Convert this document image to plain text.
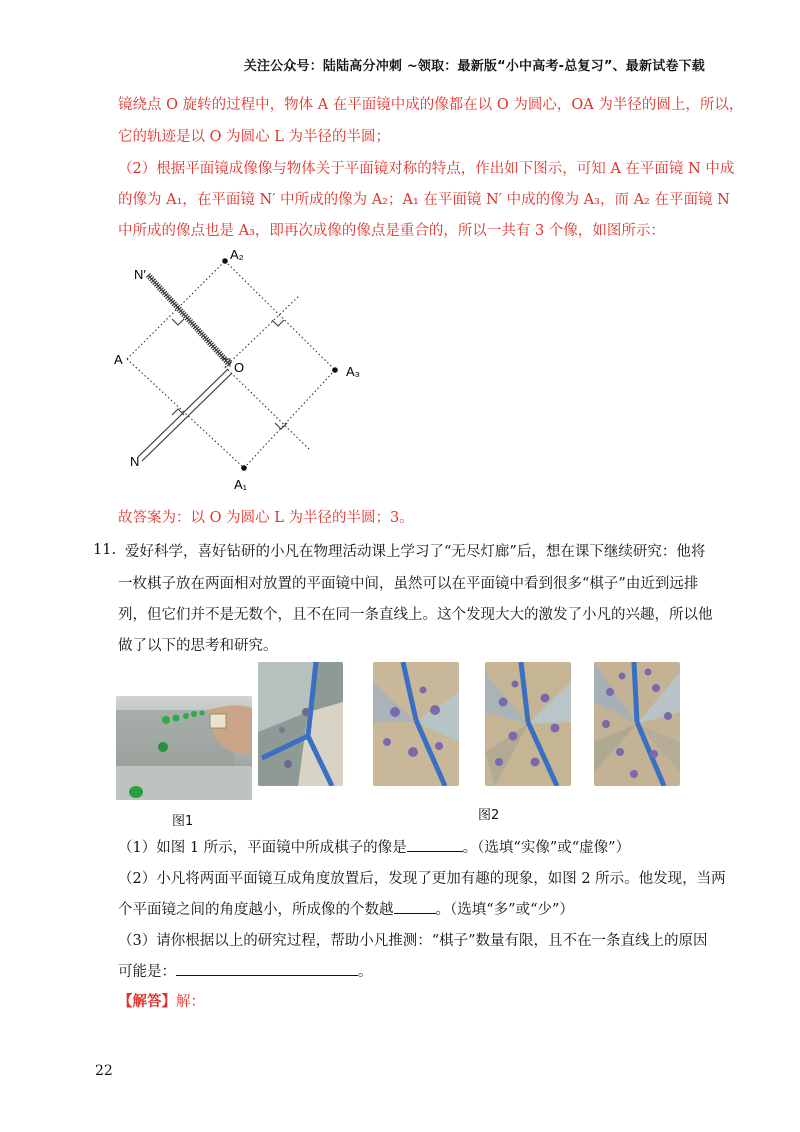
关注公众号：陆陆高分冲刺 ~领取：最新版“小中高考-总复习”、最新试卷下载
镜绕点 O 旋转的过程中，物体 A 在平面镜中成的像都在以 O 为圆心，OA 为半径的圆上，所以，
它的轨迹是以 O 为圆心 L 为半径的半圆；
（2）根据平面镜成像像与物体关于平面镜对称的特点，作出如下图示，可知 A 在平面镜 N 中成
的像为 A₁，在平面镜 N′ 中所成的像为 A₂；A₁ 在平面镜 N′ 中成的像为 A₃，而 A₂ 在平面镜 N
中所成的像点也是 A₃，即再次成像的像点是重合的，所以一共有 3 个像，如图所示：
N′
N
A
O
A₂
A₃
A₁
故答案为：以 O 为圆心 L 为半径的半圆；3。
11. 爱好科学，喜好钻研的小凡在物理活动课上学习了“无尽灯廊”后，想在课下继续研究：他将
一枚棋子放在两面相对放置的平面镜中间，虽然可以在平面镜中看到很多“棋子”由近到远排
列，但它们并不是无数个，且不在同一条直线上。这个发现大大的激发了小凡的兴趣，所以他
做了以下的思考和研究。
图1	图2
（1）如图 1 所示，平面镜中所成棋子的像是	。（选填“实像”或“虚像”）
（2）小凡将两面平面镜互成角度放置后，发现了更加有趣的现象，如图 2 所示。他发现，当两
个平面镜之间的角度越小，所成像的个数越	。（选填“多”或“少”）
（3）请你根据以上的研究过程，帮助小凡推测：“棋子”数量有限，且不在一条直线上的原因
可能是：	。
【解答】解：
22
